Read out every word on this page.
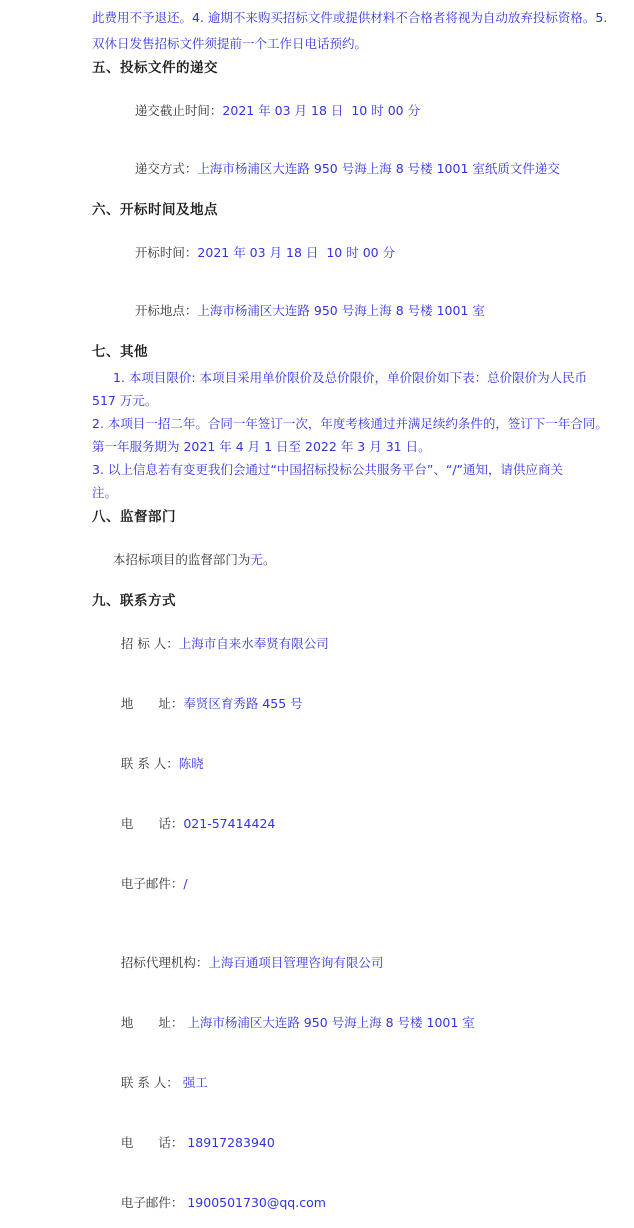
此费用不予退还。4. 逾期不来购买招标文件或提供材料不合格者将视为自动放弃投标资格。5.
双休日发售招标文件须提前一个工作日电话预约。
五、投标文件的递交

递交截止时间：2021 年 03 月 18 日  10 时 00 分

递交方式：上海市杨浦区大连路 950 号海上海 8 号楼 1001 室纸质文件递交

六、开标时间及地点

开标时间：2021 年 03 月 18 日  10 时 00 分

开标地点：上海市杨浦区大连路 950 号海上海 8 号楼 1001 室

七、其他
1. 本项目限价: 本项目采用单价限价及总价限价，单价限价如下表：总价限价为人民币
517 万元。
2. 本项目一招二年。合同一年签订一次，年度考核通过并满足续约条件的，签订下一年合同。
第一年服务期为 2021 年 4 月 1 日至 2022 年 3 月 31 日。
3. 以上信息若有变更我们会通过“中国招标投标公共服务平台”、“/”通知，请供应商关
注。
八、监督部门

本招标项目的监督部门为无。

九、联系方式

招 标 人：上海市自来水奉贤有限公司

地　　址：奉贤区育秀路 455 号

联 系 人：陈晓

电　　话：021-57414424

电子邮件：/

招标代理机构：上海百通项目管理咨询有限公司

地　　址： 上海市杨浦区大连路 950 号海上海 8 号楼 1001 室

联 系 人： 强工

电　　话： 18917283940

电子邮件： 1900501730@qq.com
